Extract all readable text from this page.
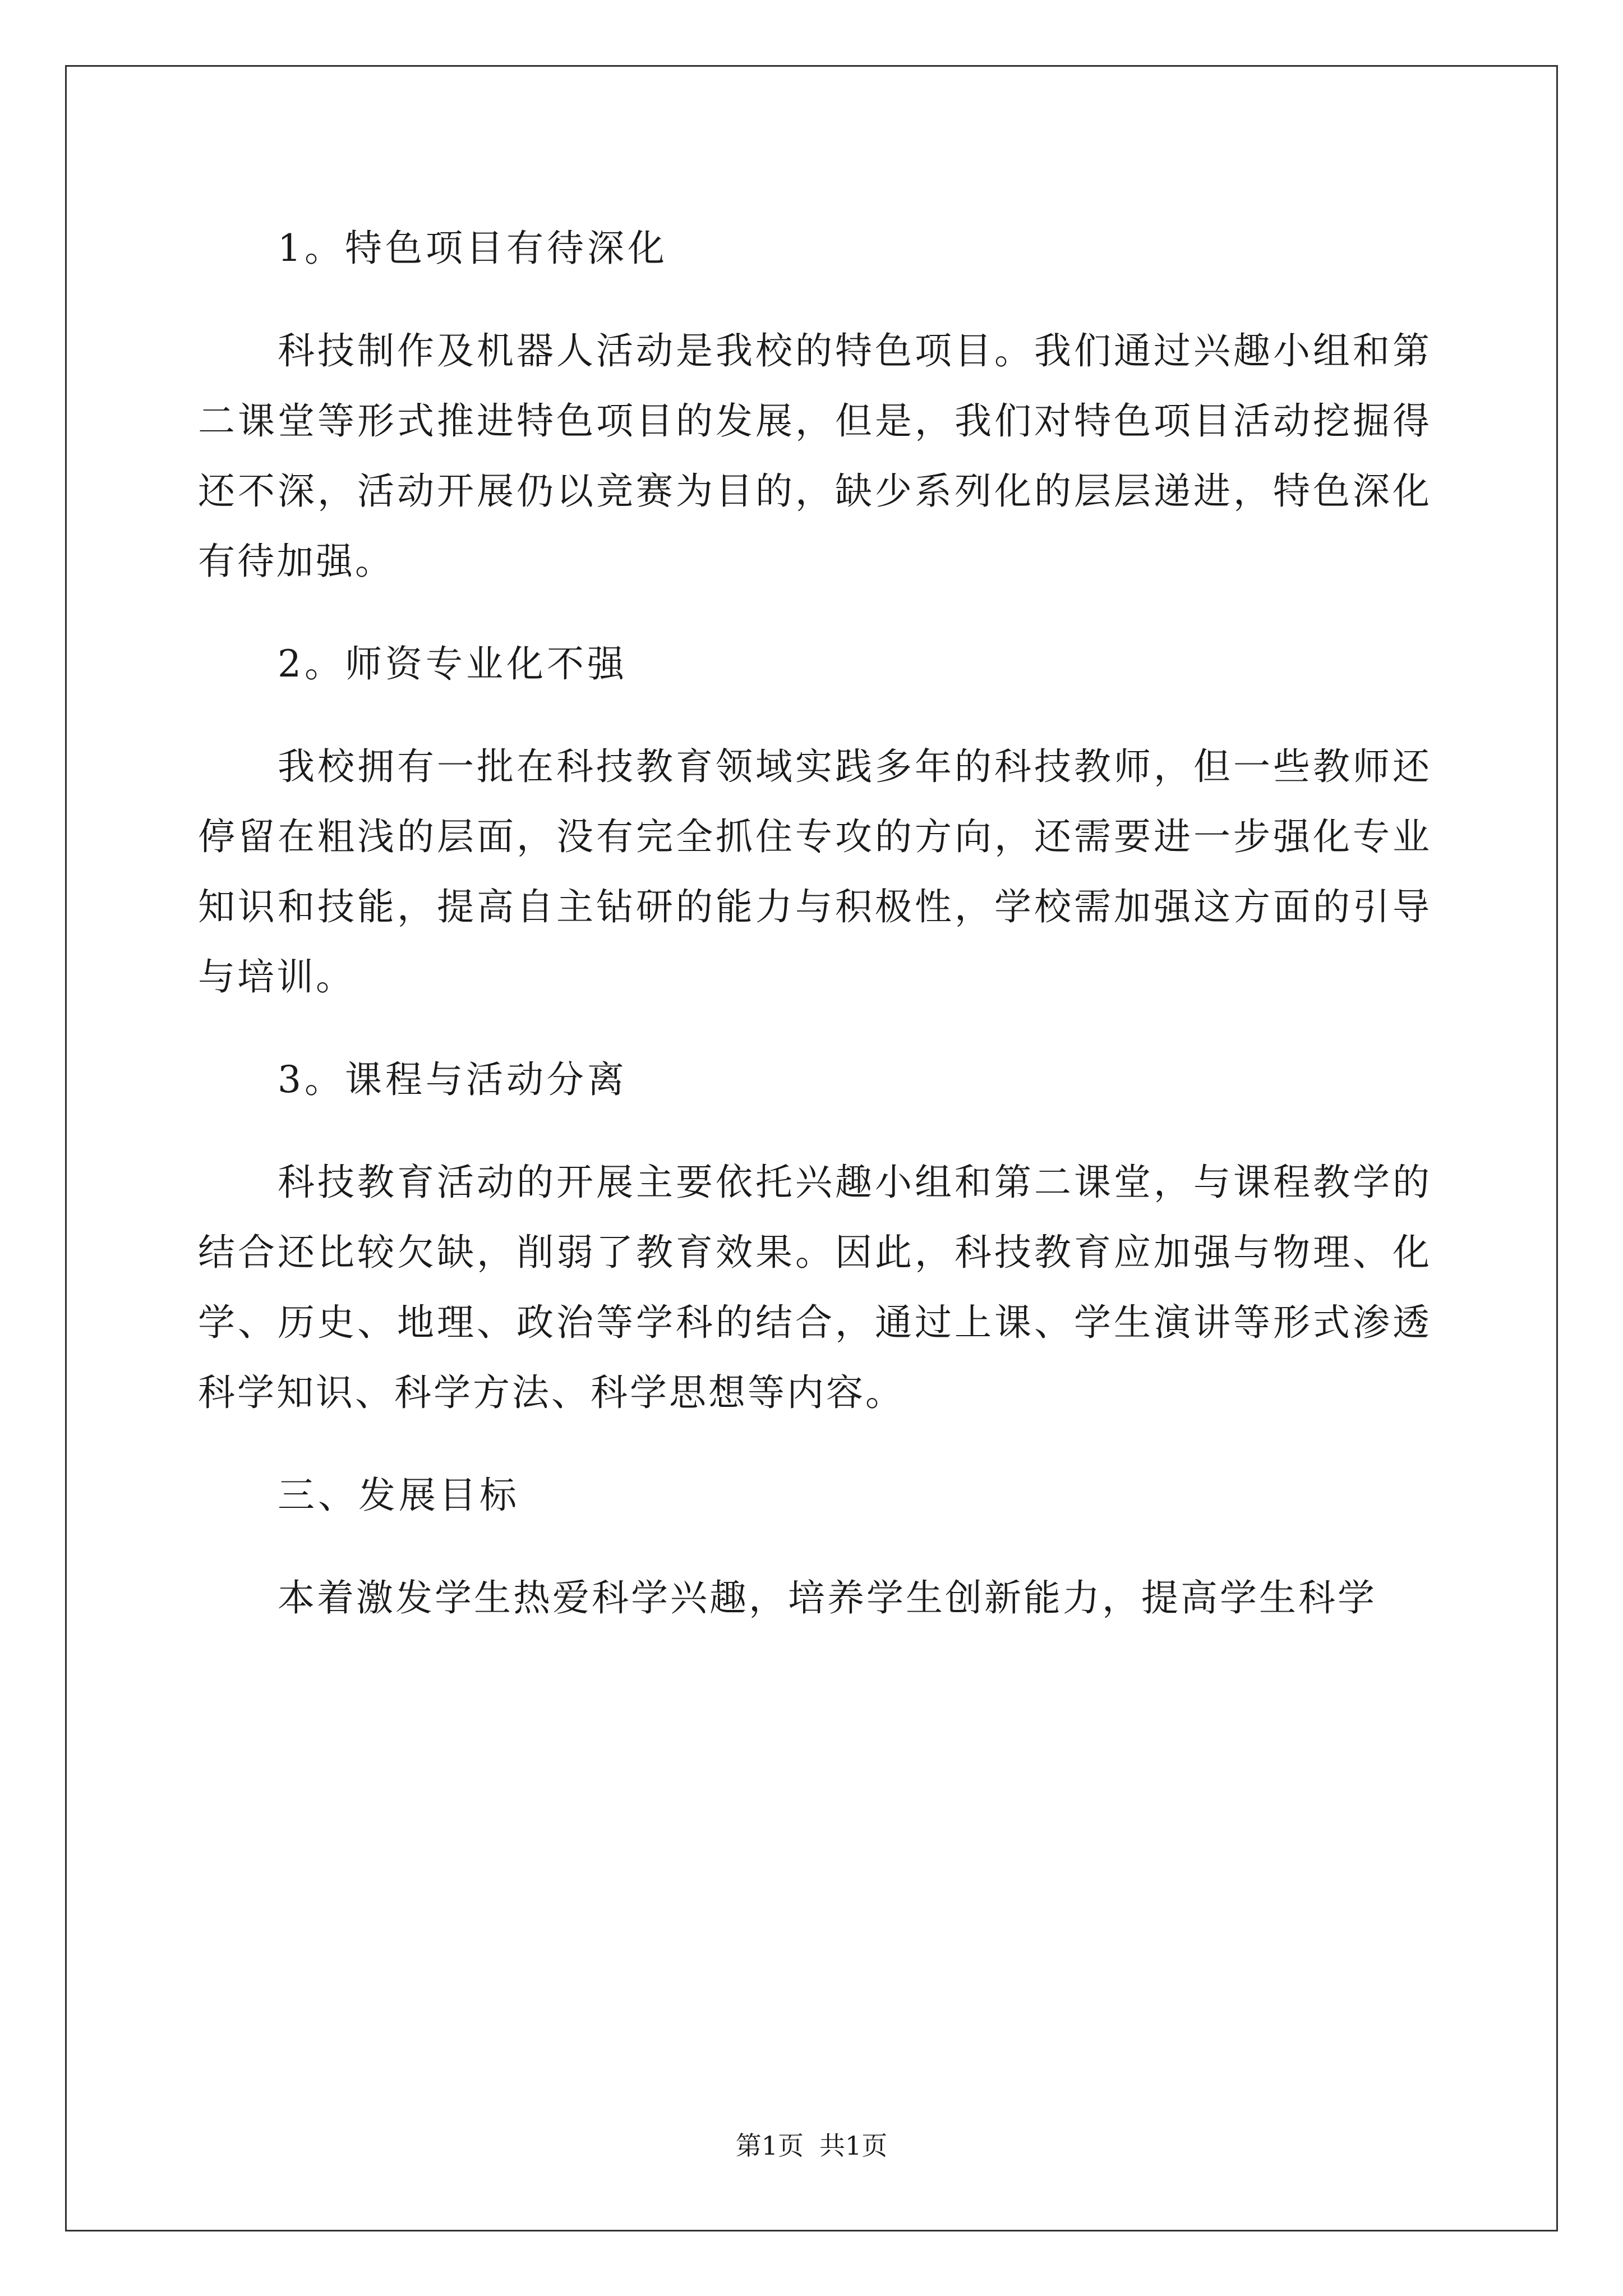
1。特色项目有待深化

科技制作及机器人活动是我校的特色项目。我们通过兴趣小组和第二课堂等形式推进特色项目的发展，但是，我们对特色项目活动挖掘得还不深，活动开展仍以竞赛为目的，缺少系列化的层层递进，特色深化有待加强。

2。师资专业化不强

我校拥有一批在科技教育领域实践多年的科技教师，但一些教师还停留在粗浅的层面，没有完全抓住专攻的方向，还需要进一步强化专业知识和技能，提高自主钻研的能力与积极性，学校需加强这方面的引导与培训。

3。课程与活动分离

科技教育活动的开展主要依托兴趣小组和第二课堂，与课程教学的结合还比较欠缺，削弱了教育效果。因此，科技教育应加强与物理、化学、历史、地理、政治等学科的结合，通过上课、学生演讲等形式渗透科学知识、科学方法、科学思想等内容。

三、发展目标

本着激发学生热爱科学兴趣，培养学生创新能力，提高学生科学

第1页 共1页
